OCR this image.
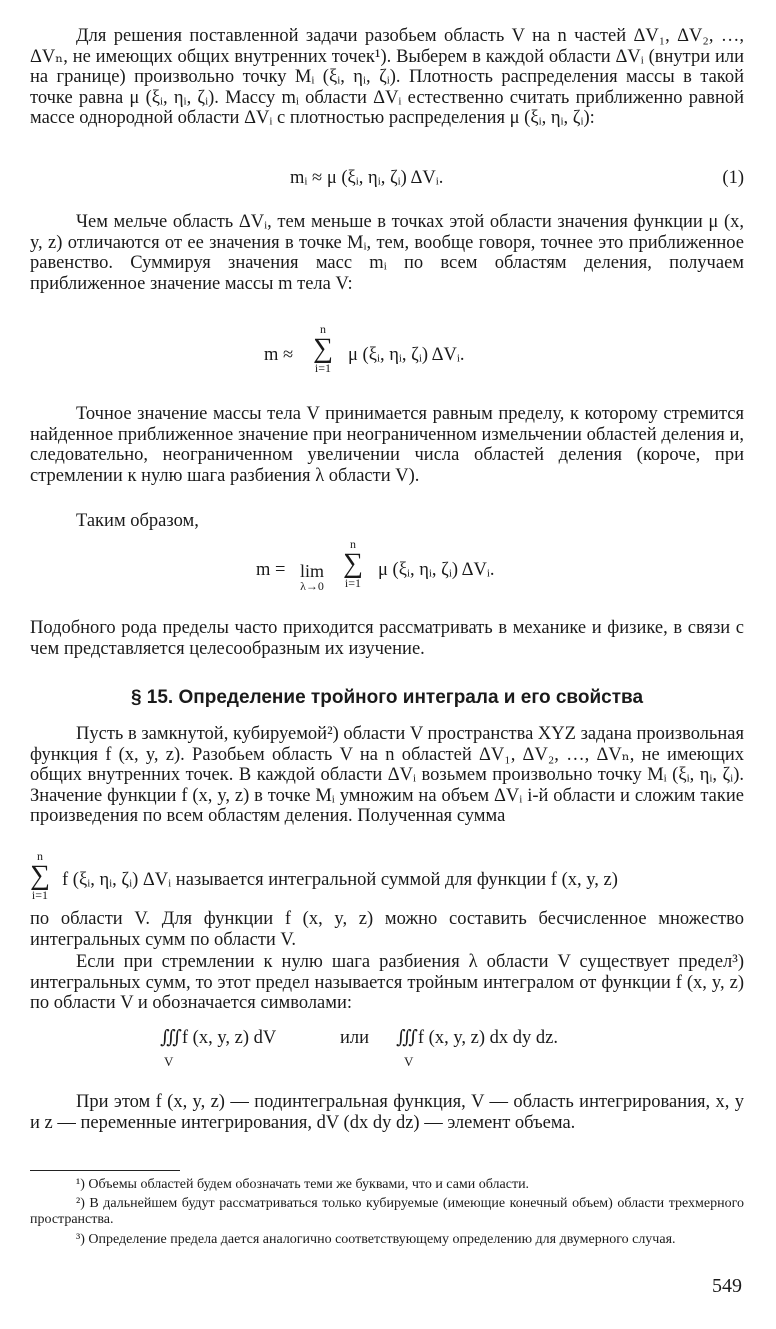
Для решения поставленной задачи разобьем область V на n частей ΔV₁, ΔV₂, …, ΔVₙ, не имеющих общих внутренних точек¹). Выберем в каждой области ΔVᵢ (внутри или на границе) произвольно точку Mᵢ (ξᵢ, ηᵢ, ζᵢ). Плотность распределения массы в такой точке равна μ (ξᵢ, ηᵢ, ζᵢ). Массу mᵢ области ΔVᵢ естественно считать приближенно равной массе однородной области ΔVᵢ с плотностью распределения μ (ξᵢ, ηᵢ, ζᵢ):

mᵢ ≈ μ (ξᵢ, ηᵢ, ζᵢ) ΔVᵢ.	(1)

Чем мельче область ΔVᵢ, тем меньше в точках этой области значения функции μ (x, y, z) отличаются от ее значения в точке Mᵢ, тем, вообще говоря, точнее это приближенное равенство. Суммируя значения масс mᵢ по всем областям деления, получаем приближенное значение массы m тела V:

m ≈
n
∑
i=1
μ (ξᵢ, ηᵢ, ζᵢ) ΔVᵢ.

Точное значение массы тела V принимается равным пределу, к которому стремится найденное приближенное значение при неограниченном измельчении областей деления и, следовательно, неограниченном увеличении числа областей деления (короче, при стремлении к нулю шага разбиения λ области V).

Таким образом,

m = lim
λ→0
n
∑
i=1
μ (ξᵢ, ηᵢ, ζᵢ) ΔVᵢ.

Подобного рода пределы часто приходится рассматривать в механике и физике, в связи с чем представляется целесообразным их изучение.

§ 15. Определение тройного интеграла и его свойства

Пусть в замкнутой, кубируемой²) области V пространства XYZ задана произвольная функция f (x, y, z). Разобьем область V на n областей ΔV₁, ΔV₂, …, ΔVₙ, не имеющих общих внутренних точек. В каждой области ΔVᵢ возьмем произвольно точку Mᵢ (ξᵢ, ηᵢ, ζᵢ). Значение функции f (x, y, z) в точке Mᵢ умножим на объем ΔVᵢ i-й области и сложим такие произведения по всем областям деления. Полученная сумма

n
∑
i=1
f (ξᵢ, ηᵢ, ζᵢ) ΔVᵢ называется интегральной суммой для функции f (x, y, z)

по области V. Для функции f (x, y, z) можно составить бесчисленное множество интегральных сумм по области V.

Если при стремлении к нулю шага разбиения λ области V существует предел³) интегральных сумм, то этот предел называется тройным интегралом от функции f (x, y, z) по области V и обозначается символами:

∭f (x, y, z) dV
V
или ∭f (x, y, z) dx dy dz.
V

При этом f (x, y, z) — подинтегральная функция, V — область интегрирования, x, y и z — переменные интегрирования, dV (dx dy dz) — элемент объема.

¹) Объемы областей будем обозначать теми же буквами, что и сами области.

²) В дальнейшем будут рассматриваться только кубируемые (имеющие конечный объем) области трехмерного пространства.

³) Определение предела дается аналогично соответствующему определению для двумерного случая.

549
